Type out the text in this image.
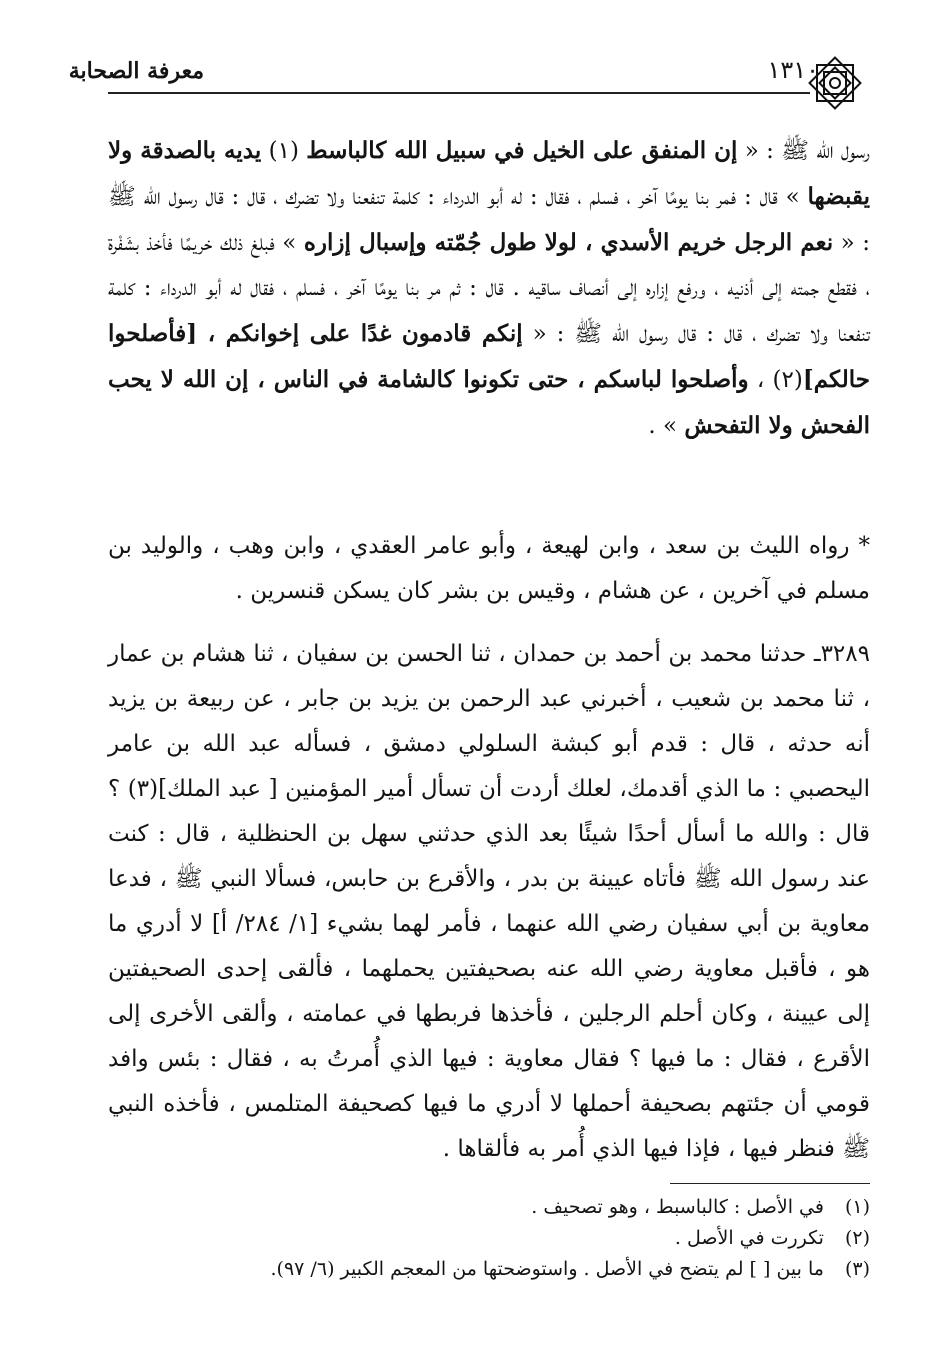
معرفة الصحابة	١٣١٠

رسول الله ﷺ : « إن المنفق على الخيل في سبيل الله كالباسط (١) يديه بالصدقة ولا يقبضها » قال : فمر بنا يومًا آخر ، فسلم ، فقال : له أبو الدرداء : كلمة تنفعنا ولا تضرك ، قال : قال رسول الله ﷺ : « نعم الرجل خريم الأسدي ، لولا طول جُمّته وإسبال إزاره » فبلغ ذلك خريمًا فأخذ بشَفْرة ، فقطع جمته إلى أذنيه ، ورفع إزاره إلى أنصاف ساقيه . قال : ثم مر بنا يومًا آخر ، فسلم ، فقال له أبو الدرداء : كلمة تنفعنا ولا تضرك ، قال : قال رسول الله ﷺ : « إنكم قادمون غدًا على إخوانكم ، [فأصلحوا حالكم](٢) ، وأصلحوا لباسكم ، حتى تكونوا كالشامة في الناس ، إن الله لا يحب الفحش ولا التفحش » .

* رواه الليث بن سعد ، وابن لهيعة ، وأبو عامر العقدي ، وابن وهب ، والوليد بن مسلم في آخرين ، عن هشام ، وقيس بن بشر كان يسكن قنسرين .

٣٢٨٩ـ حدثنا محمد بن أحمد بن حمدان ، ثنا الحسن بن سفيان ، ثنا هشام بن عمار ، ثنا محمد بن شعيب ، أخبرني عبد الرحمن بن يزيد بن جابر ، عن ربيعة بن يزيد أنه حدثه ، قال : قدم أبو كبشة السلولي دمشق ، فسأله عبد الله بن عامر اليحصبي : ما الذي أقدمك، لعلك أردت أن تسأل أمير المؤمنين [ عبد الملك](٣) ؟ قال : والله ما أسأل أحدًا شيئًا بعد الذي حدثني سهل بن الحنظلية ، قال : كنت عند رسول الله ﷺ فأتاه عيينة بن بدر ، والأقرع بن حابس، فسألا النبي ﷺ ، فدعا معاوية بن أبي سفيان رضي الله عنهما ، فأمر لهما بشيء [١/ ٢٨٤/ أ] لا أدري ما هو ، فأقبل معاوية رضي الله عنه بصحيفتين يحملهما ، فألقى إحدى الصحيفتين إلى عيينة ، وكان أحلم الرجلين ، فأخذها فربطها في عمامته ، وألقى الأخرى إلى الأقرع ، فقال : ما فيها ؟ فقال معاوية : فيها الذي أُمرتُ به ، فقال : بئس وافد قومي أن جئتهم بصحيفة أحملها لا أدري ما فيها كصحيفة المتلمس ، فأخذه النبي ﷺ فنظر فيها ، فإذا فيها الذي أُمر به فألقاها .

(١) في الأصل : كالباسبط ، وهو تصحيف .

(٢) تكررت في الأصل .

(٣) ما بين [ ] لم يتضح في الأصل . واستوضحتها من المعجم الكبير (٦/ ٩٧).
